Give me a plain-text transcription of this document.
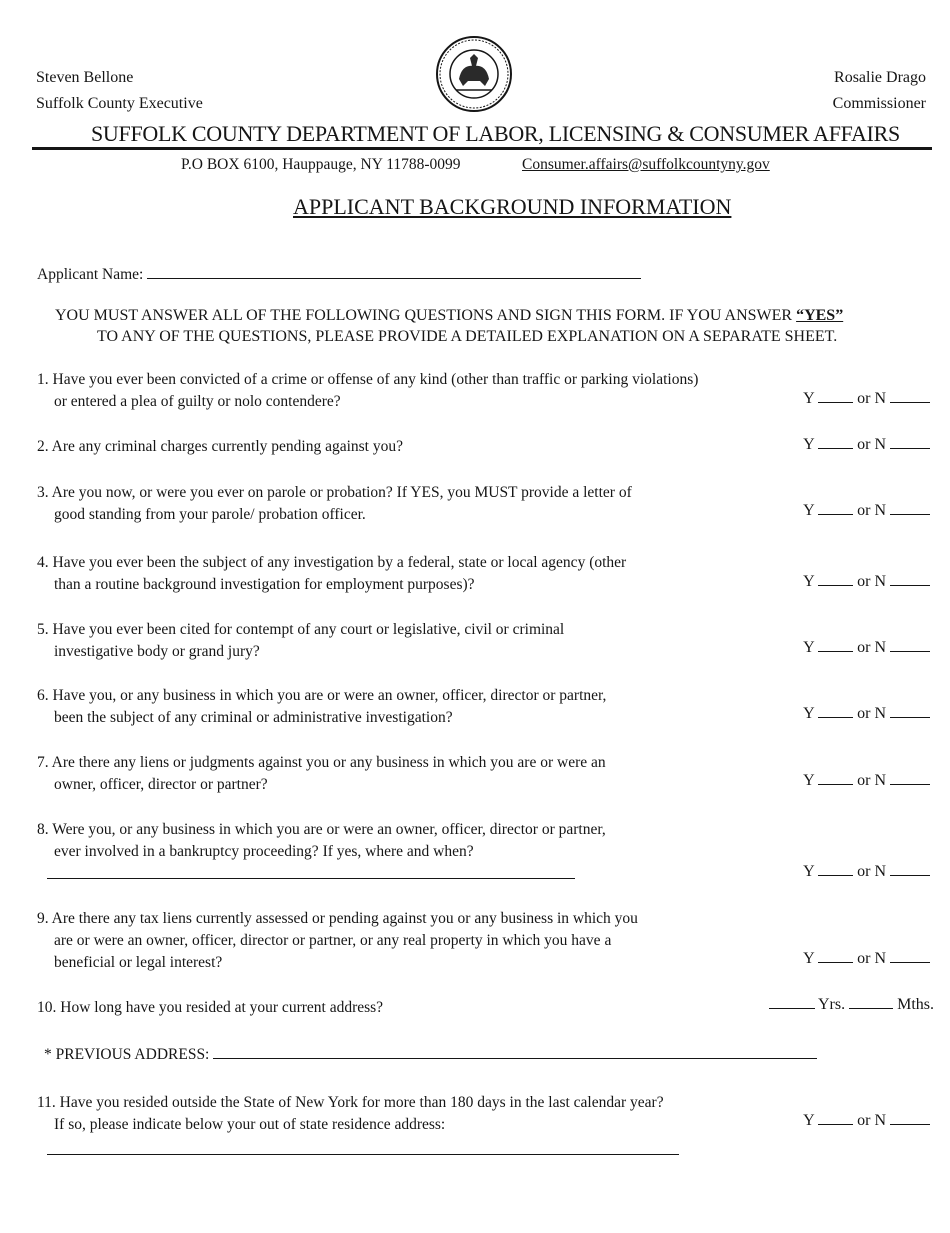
Steven Bellone
Suffolk County Executive
Rosalie Drago
Commissioner
SUFFOLK COUNTY DEPARTMENT OF LABOR, LICENSING & CONSUMER AFFAIRS
P.O BOX 6100, Hauppauge, NY 11788-0099	Consumer.affairs@suffolkcountyny.gov
APPLICANT BACKGROUND INFORMATION
Applicant Name:
YOU MUST ANSWER ALL OF THE FOLLOWING QUESTIONS AND SIGN THIS FORM. IF YOU ANSWER “YES”
TO ANY OF THE QUESTIONS, PLEASE PROVIDE A DETAILED EXPLANATION ON A SEPARATE SHEET.
1. Have you ever been convicted of a crime or offense of any kind (other than traffic or parking violations)
or entered a plea of guilty or nolo contendere?	Y	or N
2. Are any criminal charges currently pending against you?	Y	or N
3. Are you now, or were you ever on parole or probation? If YES, you MUST provide a letter of
good standing from your parole/ probation officer.	Y	or N
4. Have you ever been the subject of any investigation by a federal, state or local agency (other
than a routine background investigation for employment purposes)?	Y	or N
5. Have you ever been cited for contempt of any court or legislative, civil or criminal
investigative body or grand jury?	Y	or N
6. Have you, or any business in which you are or were an owner, officer, director or partner,
been the subject of any criminal or administrative investigation?	Y	or N
7. Are there any liens or judgments against you or any business in which you are or were an
owner, officer, director or partner?	Y	or N
8. Were you, or any business in which you are or were an owner, officer, director or partner,
ever involved in a bankruptcy proceeding? If yes, where and when?
Y	or N
9. Are there any tax liens currently assessed or pending against you or any business in which you
are or were an owner, officer, director or partner, or any real property in which you have a
beneficial or legal interest?	Y	or N
10. How long have you resided at your current address?	Yrs.	Mths.
* PREVIOUS ADDRESS:
11. Have you resided outside the State of New York for more than 180 days in the last calendar year?
If so, please indicate below your out of state residence address:	Y	or N
